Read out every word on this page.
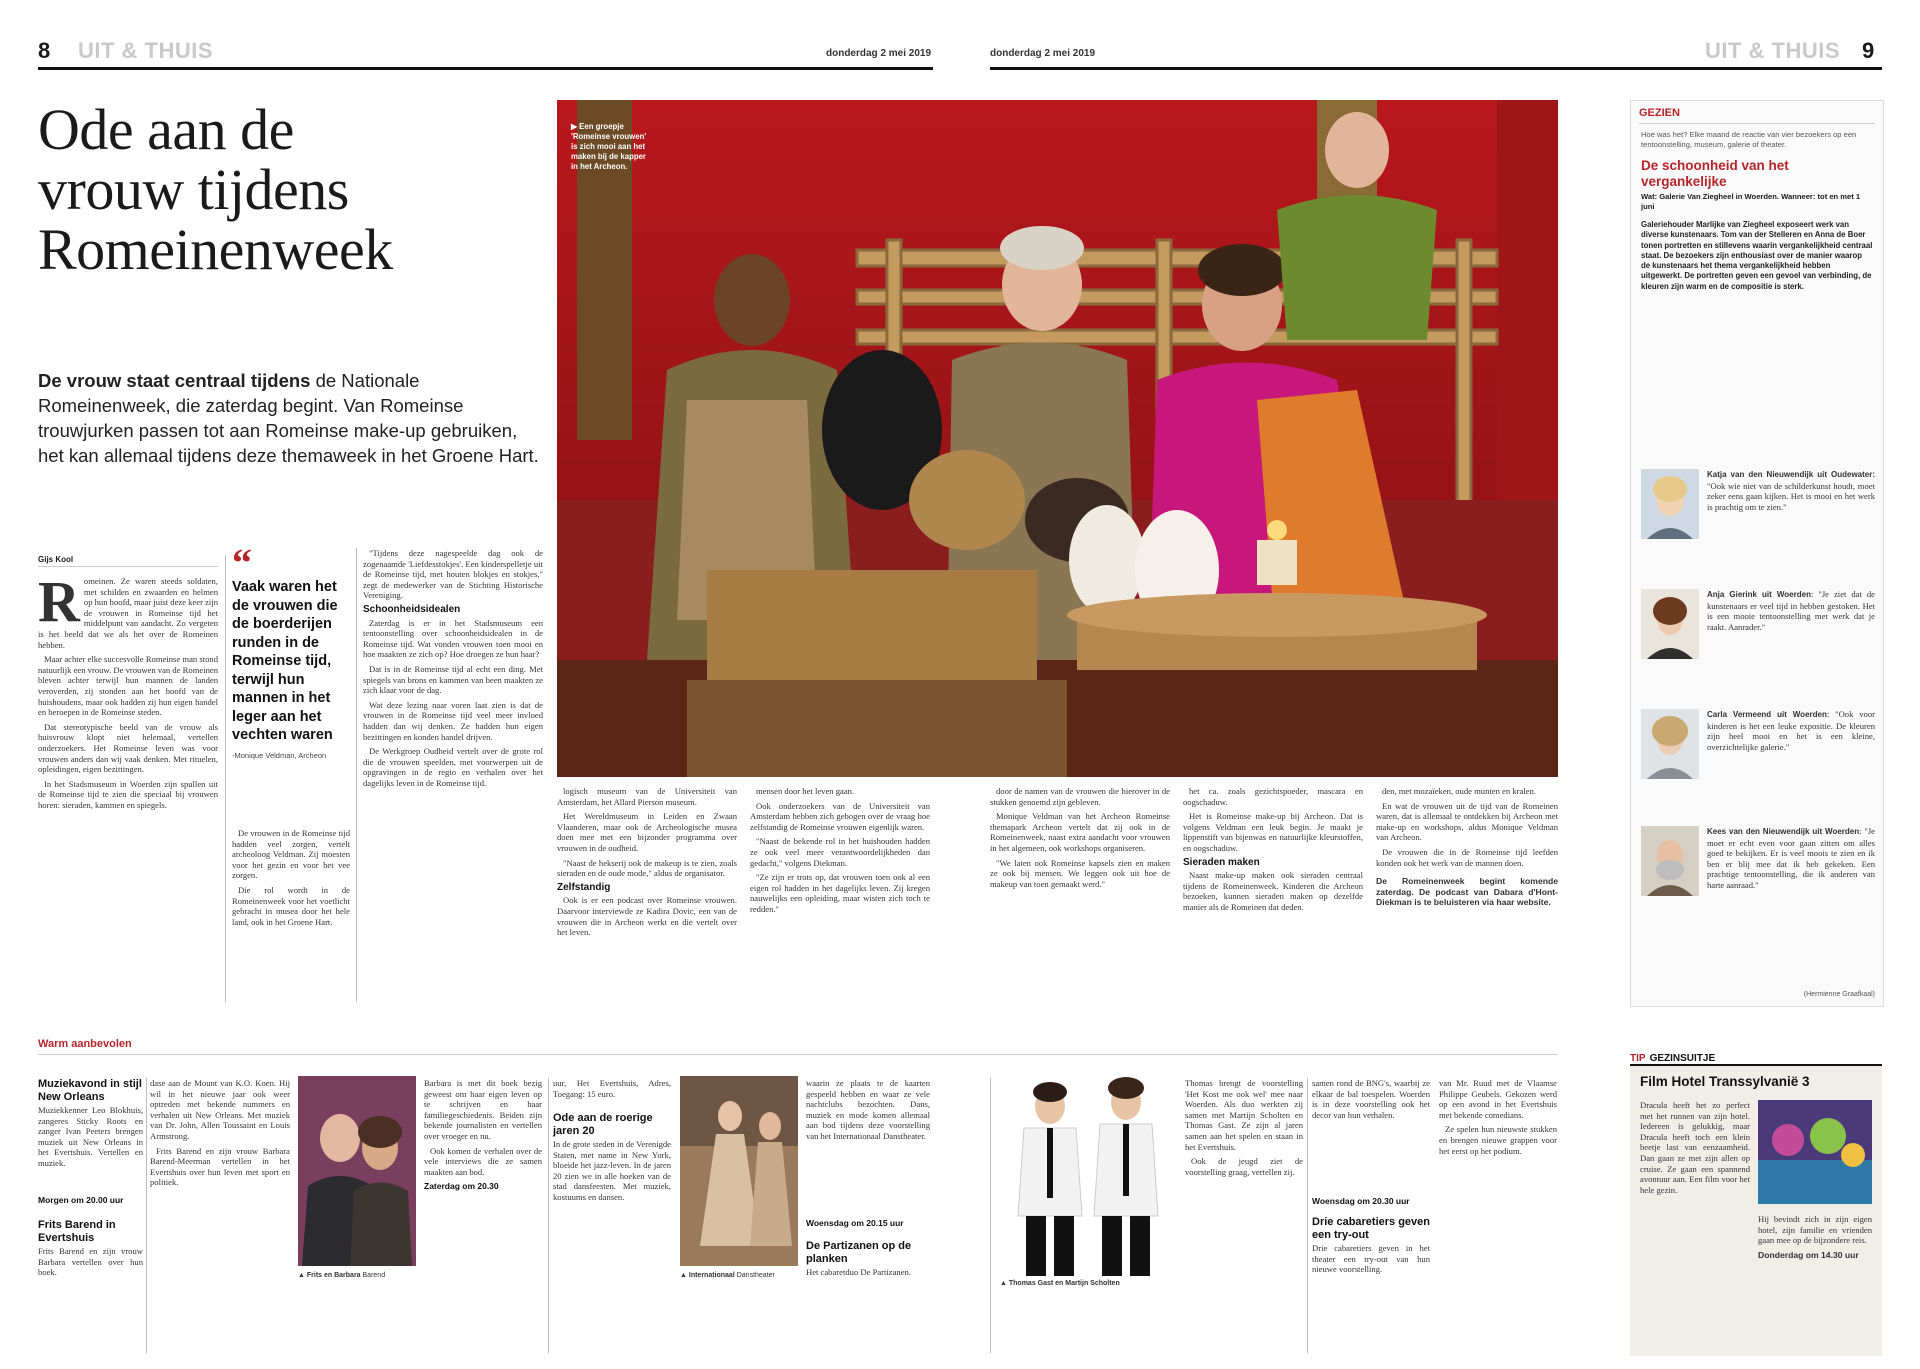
8 UIT & THUIS	donderdag 2 mei 2019	donderdag 2 mei 2019	UIT & THUIS 9
Ode aan de
vrouw tijdens
Romeinenweek
De vrouw staat centraal tijdens de Nationale Romeinenweek, die zaterdag begint. Van Romeinse trouwjurken passen tot aan Romeinse make-up gebruiken, het kan allemaal tijdens deze themaweek in het Groene Hart.
▶ Een groepje 'Romeinse vrouwen' is zich mooi aan het maken bij de kapper in het Archeon.
Gijs Kool
R omeinen. Ze waren steeds soldaten, met schilden en zwaarden en helmen op hun hoofd, maar juist deze keer zijn de vrouwen in Romeinse tijd het middelpunt van aandacht. Zo vergeten is het beeld dat we als het over de Romeinen hebben.

Maar achter elke succesvolle Romeinse man stond natuurlijk een vrouw. De vrouwen van de Romeinen bleven achter terwijl hun mannen de landen veroverden, zij stonden aan het hoofd van de huishoudens, maar ook hadden zij hun eigen handel en beroepen in de Romeinse steden.

Dat stereotypische beeld van de vrouw als huisvrouw klopt niet helemaal, vertellen onderzoekers. Het Romeinse leven was voor vrouwen anders dan wij vaak denken. Met rituelen, opleidingen, eigen bezittingen.

In het Stadsmuseum in Woerden zijn spullen uit de Romeinse tijd te zien die speciaal bij vrouwen horen: sieraden, kammen en spiegels.

“
Vaak waren het de vrouwen die de boerderijen runden in de Romeinse tijd, terwijl hun mannen in het leger aan het vechten waren
-Monique Veldman, Archeon

De vrouwen in de Romeinse tijd hadden veel zorgen, vertelt archeoloog Veldman. Zij moesten voor het gezin en voor het vee zorgen.

Die rol wordt in de Romeinenweek voor het voetlicht gebracht in musea door het hele land, ook in het Groene Hart.

"Tijdens deze nagespeelde dag ook de zogenaamde 'Liefdesstokjes'. Een kinderspelletje uit de Romeinse tijd, met houten blokjes en stokjes," zegt de medewerker van de Stichting Historische Vereniging.

Schoonheidsidealen

Zaterdag is er in het Stadsmuseum een tentoonstelling over schoonheidsidealen in de Romeinse tijd. Wat vonden vrouwen toen mooi en hoe maakten ze zich op? Hoe droegen ze hun haar?

Dat is in de Romeinse tijd al echt een ding. Met spiegels van brons en kammen van been maakten ze zich klaar voor de dag.

Wat deze lezing naar voren laat zien is dat de vrouwen in de Romeinse tijd veel meer invloed hadden dan wij denken. Ze hadden hun eigen bezittingen en konden handel drijven.

De Werkgroep Oudheid vertelt over de grote rol die de vrouwen speelden, met voorwerpen uit de opgravingen in de regio en verhalen over het dagelijks leven in de Romeinse tijd.

logisch museum van de Universiteit van Amsterdam, het Allard Pierson museum.

Het Wereldmuseum in Leiden en Zwaan Vlaanderen, maar ook de Archeologische musea doen mee met een bijzonder programma over vrouwen in de oudheid.

"Naast de hekserij ook de makeup is te zien, zoals sieraden en de oude mode," aldus de organisator.

Zelfstandig

Ook is er een podcast over Romeinse vrouwen. Daarvoor interviewde ze Kadira Dovic, een van de vrouwen die in Archeon werkt en die vertelt over het leven.

mensen door het leven gaan.

Ook onderzoekers van de Universiteit van Amsterdam hebben zich gebogen over de vraag hoe zelfstandig de Romeinse vrouwen eigenlijk waren.

"Naast de bekende rol in het huishouden hadden ze ook veel meer verantwoordelijkheden dan gedacht," volgens Diekman.

"Ze zijn er trots op, dat vrouwen toen ook al een eigen rol hadden in het dagelijks leven. Zij kregen nauwelijks een opleiding, maar wisten zich toch te redden."

door de namen van de vrouwen die hierover in de stukken genoemd zijn gebleven.

Monique Veldman van het Archeon Romeinse themapark Archeon vertelt dat zij ook in de Romeinenweek, naast extra aandacht voor vrouwen in het algemeen, ook workshops organiseren.

"We laten ook Romeinse kapsels zien en maken ze ook bij mensen. We leggen ook uit hoe de makeup van toen gemaakt werd."

het ca. zoals gezichtspoeder, mascara en oogschaduw.

Het is Romeinse make-up bij Archeon. Dat is volgens Veldman een leuk begin. Je maakt je lippenstift van bijenwas en natuurlijke kleurstoffen, en oogschaduw.

Sieraden maken

Naast make-up maken ook sieraden centraal tijdens de Romeinenweek. Kinderen die Archeon bezoeken, kunnen sieraden maken op dezelfde manier als de Romeinen dat deden.

den, met mozaïeken, oude munten en kralen.

En wat de vrouwen uit de tijd van de Romeinen waren, dat is allemaal te ontdekken bij Archeon met make-up en workshops, aldus Monique Veldman van Archeon.

De vrouwen die in de Romeinse tijd leefden konden ook het werk van de mannen doen.

De Romeinenweek begint komende zaterdag. De podcast van Dabara d'Hont-Diekman is te beluisteren via haar website.

Warm aanbevolen
Muziekavond in stijl New Orleans

Muziekkenner Leo Blokhuis, zangeres Sticky Roots en zanger Ivan Peeters brengen muziek uit New Orleans in het Evertshuis. Vertellen en muziek.

Morgen om 20.00 uur
Frits Barend in Evertshuis

Frits Barend en zijn vrouw Barbara vertellen over hun boek.

dase aan de Mount van K.O. Koen. Hij wil in het nieuwe jaar ook weer optreden met bekende nummers en verhalen uit New Orleans. Met muziek van Dr. John, Allen Toussaint en Louis Armstrong.

Frits Barend en zijn vrouw Barbara Barend-Meerman vertellen in het Evertshuis over hun leven met sport en politiek.

▲ Frits en Barbara Barend

Barbara is met dit boek bezig geweest om haar eigen leven op te schrijven en haar familiegeschiedenis. Beiden zijn bekende journalisten en vertellen over vroeger en nu.

Ook komen de verhalen over de vele interviews die ze samen maakten aan bod.

Zaterdag om 20.30

uur, Het Evertshuis, Adres, Toegang: 15 euro.

Ode aan de roerige jaren 20

In de grote steden in de Verenigde Staten, met name in New York, bloeide het jazz-leven. In de jaren 20 zien we in alle hoeken van de stad dansfeesten. Met muziek, kostuums en dansen.

▲ Internationaal Danstheater

waarin ze plaats te de kaarten gespeeld hebben en waar ze vele nachtclubs bezochten. Dans, muziek en mode komen allemaal aan bod tijdens deze voorstelling van het Internationaal Danstheater.

Woensdag om 20.15 uur
De Partizanen op de planken

Het cabaretduo De Partizanen.

▲ Thomas Gast en Martijn Scholten

Thomas brengt de voorstelling 'Het Kost me ook wel' mee naar Woerden. Als duo werkten zij samen met Martijn Scholten en Thomas Gast. Ze zijn al jaren samen aan het spelen en staan in het Evertshuis.

Ook de jeugd ziet de voorstelling graag, vertellen zij.

samen rond de BNG's, waarbij ze elkaar de bal toespelen. Woerden is in deze voorstelling ook het decor van hun verhalen.

Woensdag om 20.30 uur
Drie cabaretiers geven een try-out

Drie cabaretiers geven in het theater een try-out van hun nieuwe voorstelling.

van Mr. Ruud met de Vlaamse Philippe Geubels. Gekozen werd op een avond in het Evertshuis met bekende comedians.

Ze spelen hun nieuwste stukken en brengen nieuwe grappen voor het eerst op het podium.

GEZIEN
Hoe was het? Elke maand de reactie van vier bezoekers op een tentoonstelling, museum, galerie of theater.
De schoonheid van het vergankelijke
Wat: Galerie Van Ziegheel in Woerden. Wanneer: tot en met 1 juni
Galeriehouder Marlijke van Ziegheel exposeert werk van diverse kunstenaars. Tom van der Stelleren en Anna de Boer tonen portretten en stillevens waarin vergankelijkheid centraal staat. De bezoekers zijn enthousiast over de manier waarop de kunstenaars het thema vergankelijkheid hebben uitgewerkt. De portretten geven een gevoel van verbinding, de kleuren zijn warm en de compositie is sterk.

Katja van den Nieuwendijk uit Oudewater: "Ook wie niet van de schilderkunst houdt, moet zeker eens gaan kijken. Het is mooi en het werk is prachtig om te zien."

Anja Gierink uit Woerden: "Je ziet dat de kunstenaars er veel tijd in hebben gestoken. Het is een mooie tentoonstelling met werk dat je raakt. Aanrader."

Carla Vermeend uit Woerden: "Ook voor kinderen is het een leuke expositie. De kleuren zijn heel mooi en het is een kleine, overzichtelijke galerie."

Kees van den Nieuwendijk uit Woerden: "Je moet er echt even voor gaan zitten om alles goed te bekijken. Er is veel moois te zien en ik ben er blij mee dat ik heb gekeken. Een prachtige tentoonstelling, die ik anderen van harte aanraad."

(Hermienne Graafkaal)
TIP GEZINSUITJE
Film Hotel Transsylvanië 3

Dracula heeft het zo perfect met het runnen van zijn hotel. Iedereen is gelukkig, maar Dracula heeft toch een klein beetje last van eenzaamheid. Dan gaan ze met zijn allen op cruise. Ze gaan een spannend avontuur aan. Een film voor het hele gezin.

Hij bevindt zich in zijn eigen hotel, zijn familie en vrienden gaan mee op de bijzondere reis.

Donderdag om 14.30 uur
